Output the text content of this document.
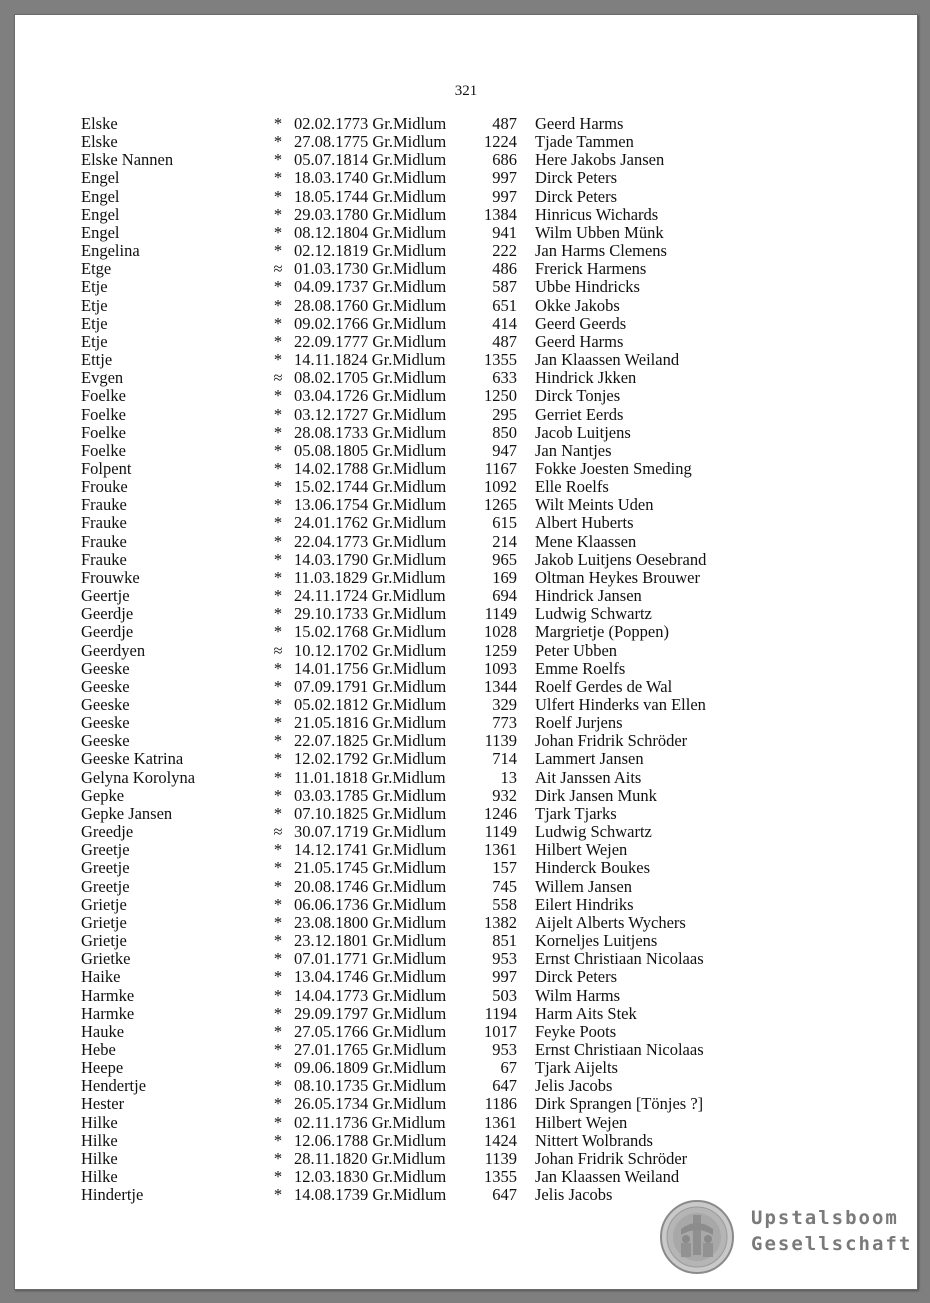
321
Elske	* 02.02.1773 Gr.Midlum	487 Geerd Harms
Elske	* 27.08.1775 Gr.Midlum	1224 Tjade Tammen
Elske Nannen	* 05.07.1814 Gr.Midlum	686 Here Jakobs Jansen
Engel	* 18.03.1740 Gr.Midlum	997 Dirck Peters
Engel	* 18.05.1744 Gr.Midlum	997 Dirck Peters
Engel	* 29.03.1780 Gr.Midlum	1384 Hinricus Wichards
Engel	* 08.12.1804 Gr.Midlum	941 Wilm Ubben Münk
Engelina	* 02.12.1819 Gr.Midlum	222 Jan Harms Clemens
Etge	≈ 01.03.1730 Gr.Midlum	486 Frerick Harmens
Etje	* 04.09.1737 Gr.Midlum	587 Ubbe Hindricks
Etje	* 28.08.1760 Gr.Midlum	651 Okke Jakobs
Etje	* 09.02.1766 Gr.Midlum	414 Geerd Geerds
Etje	* 22.09.1777 Gr.Midlum	487 Geerd Harms
Ettje	* 14.11.1824 Gr.Midlum	1355 Jan Klaassen Weiland
Evgen	≈ 08.02.1705 Gr.Midlum	633 Hindrick Jkken
Foelke	* 03.04.1726 Gr.Midlum	1250 Dirck Tonjes
Foelke	* 03.12.1727 Gr.Midlum	295 Gerriet Eerds
Foelke	* 28.08.1733 Gr.Midlum	850 Jacob Luitjens
Foelke	* 05.08.1805 Gr.Midlum	947 Jan Nantjes
Folpent	* 14.02.1788 Gr.Midlum	1167 Fokke Joesten Smeding
Frouke	* 15.02.1744 Gr.Midlum	1092 Elle Roelfs
Frauke	* 13.06.1754 Gr.Midlum	1265 Wilt Meints Uden
Frauke	* 24.01.1762 Gr.Midlum	615 Albert Huberts
Frauke	* 22.04.1773 Gr.Midlum	214 Mene Klaassen
Frauke	* 14.03.1790 Gr.Midlum	965 Jakob Luitjens Oesebrand
Frouwke	* 11.03.1829 Gr.Midlum	169 Oltman Heykes Brouwer
Geertje	* 24.11.1724 Gr.Midlum	694 Hindrick Jansen
Geerdje	* 29.10.1733 Gr.Midlum	1149 Ludwig Schwartz
Geerdje	* 15.02.1768 Gr.Midlum	1028 Margrietje (Poppen)
Geerdyen	≈ 10.12.1702 Gr.Midlum	1259 Peter Ubben
Geeske	* 14.01.1756 Gr.Midlum	1093 Emme Roelfs
Geeske	* 07.09.1791 Gr.Midlum	1344 Roelf Gerdes de Wal
Geeske	* 05.02.1812 Gr.Midlum	329 Ulfert Hinderks van Ellen
Geeske	* 21.05.1816 Gr.Midlum	773 Roelf Jurjens
Geeske	* 22.07.1825 Gr.Midlum	1139 Johan Fridrik Schröder
Geeske Katrina	* 12.02.1792 Gr.Midlum	714 Lammert Jansen
Gelyna Korolyna	* 11.01.1818 Gr.Midlum	13 Ait Janssen Aits
Gepke	* 03.03.1785 Gr.Midlum	932 Dirk Jansen Munk
Gepke Jansen	* 07.10.1825 Gr.Midlum	1246 Tjark Tjarks
Greedje	≈ 30.07.1719 Gr.Midlum	1149 Ludwig Schwartz
Greetje	* 14.12.1741 Gr.Midlum	1361 Hilbert Wejen
Greetje	* 21.05.1745 Gr.Midlum	157 Hinderck Boukes
Greetje	* 20.08.1746 Gr.Midlum	745 Willem Jansen
Grietje	* 06.06.1736 Gr.Midlum	558 Eilert Hindriks
Grietje	* 23.08.1800 Gr.Midlum	1382 Aijelt Alberts Wychers
Grietje	* 23.12.1801 Gr.Midlum	851 Korneljes Luitjens
Grietke	* 07.01.1771 Gr.Midlum	953 Ernst Christiaan Nicolaas
Haike	* 13.04.1746 Gr.Midlum	997 Dirck Peters
Harmke	* 14.04.1773 Gr.Midlum	503 Wilm Harms
Harmke	* 29.09.1797 Gr.Midlum	1194 Harm Aits Stek
Hauke	* 27.05.1766 Gr.Midlum	1017 Feyke Poots
Hebe	* 27.01.1765 Gr.Midlum	953 Ernst Christiaan Nicolaas
Heepe	* 09.06.1809 Gr.Midlum	67 Tjark Aijelts
Hendertje	* 08.10.1735 Gr.Midlum	647 Jelis Jacobs
Hester	* 26.05.1734 Gr.Midlum	1186 Dirk Sprangen [Tönjes ?]
Hilke	* 02.11.1736 Gr.Midlum	1361 Hilbert Wejen
Hilke	* 12.06.1788 Gr.Midlum	1424 Nittert Wolbrands
Hilke	* 28.11.1820 Gr.Midlum	1139 Johan Fridrik Schröder
Hilke	* 12.03.1830 Gr.Midlum	1355 Jan Klaassen Weiland
Hindertje	* 14.08.1739 Gr.Midlum	647 Jelis Jacobs
Upstalsboom
Gesellschaft
